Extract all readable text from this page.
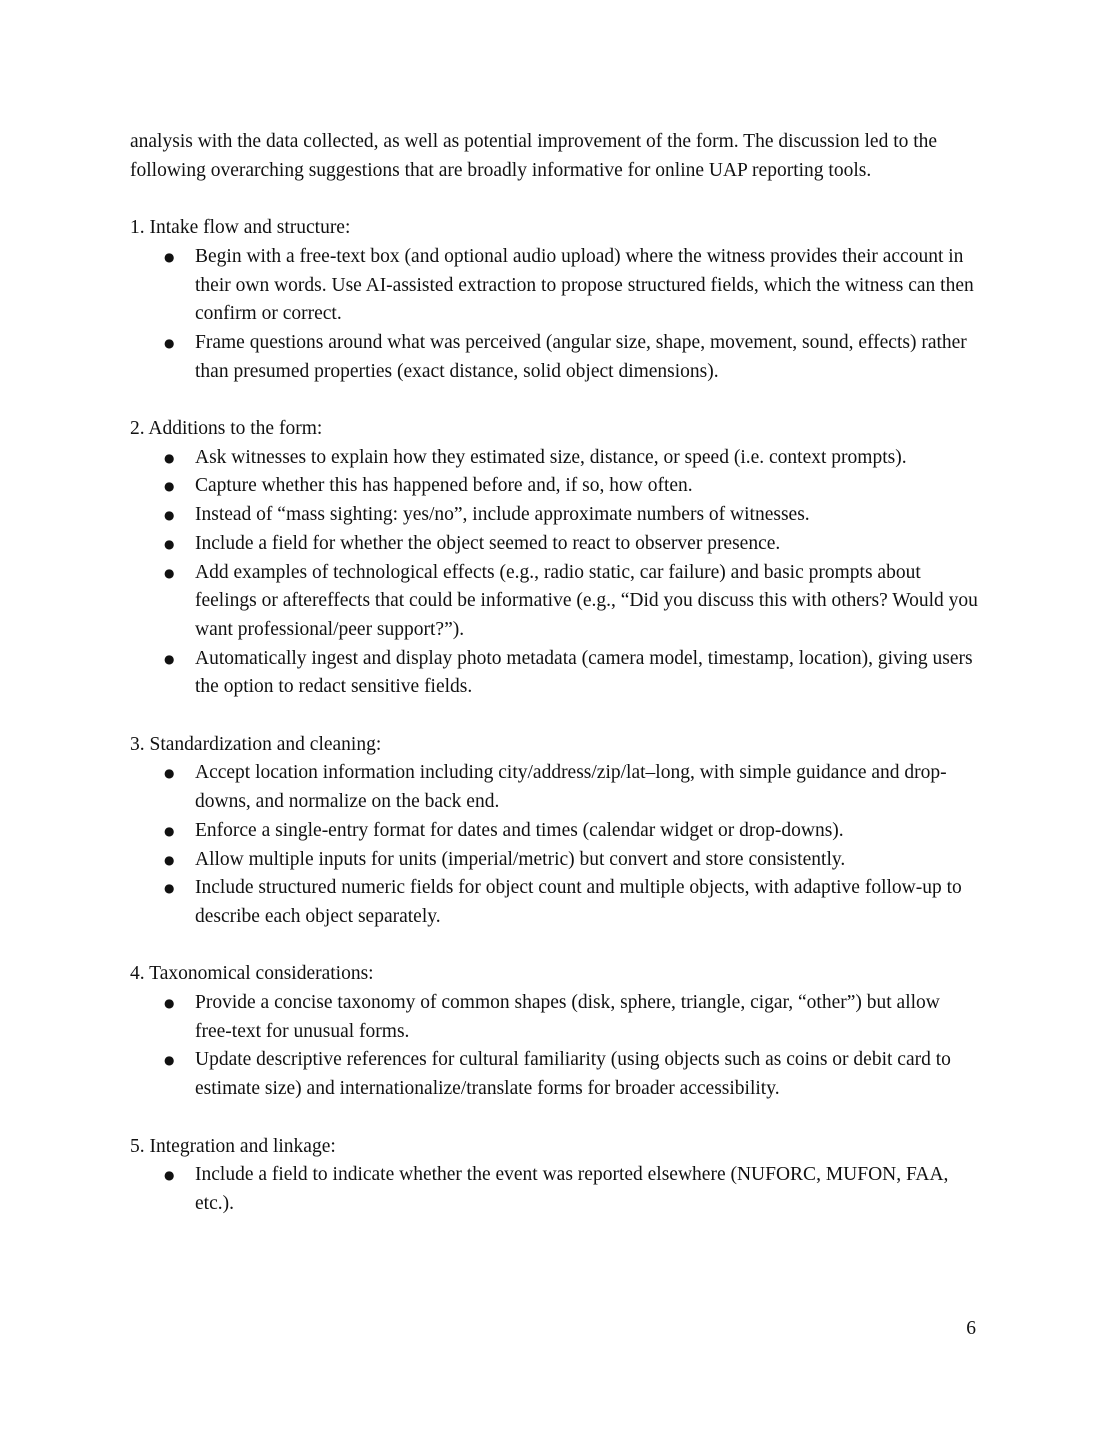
analysis with the data collected, as well as potential improvement of the form. The discussion led to the following overarching suggestions that are broadly informative for online UAP reporting tools.

1. Intake flow and structure:

● Begin with a free-text box (and optional audio upload) where the witness provides their account in their own words. Use AI-assisted extraction to propose structured fields, which the witness can then confirm or correct.
● Frame questions around what was perceived (angular size, shape, movement, sound, effects) rather than presumed properties (exact distance, solid object dimensions).

2. Additions to the form:

● Ask witnesses to explain how they estimated size, distance, or speed (i.e. context prompts).
● Capture whether this has happened before and, if so, how often.
● Instead of “mass sighting: yes/no”, include approximate numbers of witnesses.
● Include a field for whether the object seemed to react to observer presence.
● Add examples of technological effects (e.g., radio static, car failure) and basic prompts about feelings or aftereffects that could be informative (e.g., “Did you discuss this with others? Would you want professional/peer support?”).
● Automatically ingest and display photo metadata (camera model, timestamp, location), giving users the option to redact sensitive fields.

3. Standardization and cleaning:

● Accept location information including city/address/zip/lat–long, with simple guidance and drop-downs, and normalize on the back end.
● Enforce a single-entry format for dates and times (calendar widget or drop-downs).
● Allow multiple inputs for units (imperial/metric) but convert and store consistently.
● Include structured numeric fields for object count and multiple objects, with adaptive follow-up to describe each object separately.

4. Taxonomical considerations:

● Provide a concise taxonomy of common shapes (disk, sphere, triangle, cigar, “other”) but allow free-text for unusual forms.
● Update descriptive references for cultural familiarity (using objects such as coins or debit card to estimate size) and internationalize/translate forms for broader accessibility.

5. Integration and linkage:

● Include a field to indicate whether the event was reported elsewhere (NUFORC, MUFON, FAA, etc.).
6
